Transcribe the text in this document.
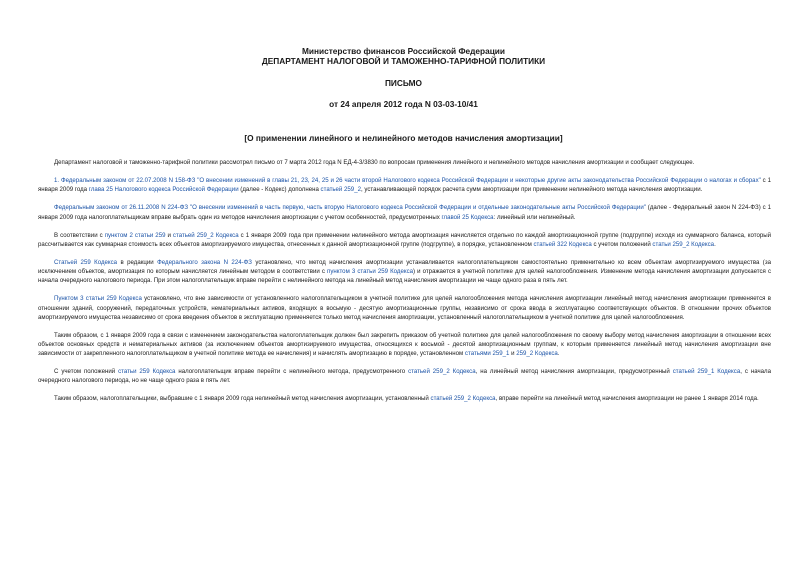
Министерство финансов Российской Федерации
ДЕПАРТАМЕНТ НАЛОГОВОЙ И ТАМОЖЕННО-ТАРИФНОЙ ПОЛИТИКИ
ПИСЬМО
от 24 апреля 2012 года N 03-03-10/41
[О применении линейного и нелинейного методов начисления амортизации]

Департамент налоговой и таможенно-тарифной политики рассмотрел письмо от 7 марта 2012 года N ЕД-4-3/3830 по вопросам применения линейного и нелинейного методов начисления амортизации и сообщает следующее.

1. Федеральным законом от 22.07.2008 N 158-ФЗ "О внесении изменений в главы 21, 23, 24, 25 и 26 части второй Налогового кодекса Российской Федерации и некоторые другие акты законодательства Российской Федерации о налогах и сборах" с 1 января 2009 года глава 25 Налогового кодекса Российской Федерации (далее - Кодекс) дополнена статьей 259_2, устанавливающей порядок расчета сумм амортизации при применении нелинейного метода начисления амортизации.

Федеральным законом от 26.11.2008 N 224-ФЗ "О внесении изменений в часть первую, часть вторую Налогового кодекса Российской Федерации и отдельные законодательные акты Российской Федерации" (далее - Федеральный закон N 224-ФЗ) с 1 января 2009 года налогоплательщикам вправе выбрать один из методов начисления амортизации с учетом особенностей, предусмотренных главой 25 Кодекса: линейный или нелинейный.

В соответствии с пунктом 2 статьи 259 и статьей 259_2 Кодекса с 1 января 2009 года при применении нелинейного метода амортизация начисляется отдельно по каждой амортизационной группе (подгруппе) исходя из суммарного баланса, который рассчитывается как суммарная стоимость всех объектов амортизируемого имущества, отнесенных к данной амортизационной группе (подгруппе), в порядке, установленном статьей 322 Кодекса с учетом положений статьи 259_2 Кодекса.

Статьей 259 Кодекса в редакции Федерального закона N 224-ФЗ установлено, что метод начисления амортизации устанавливается налогоплательщиком самостоятельно применительно ко всем объектам амортизируемого имущества (за исключением объектов, амортизация по которым начисляется линейным методом в соответствии с пунктом 3 статьи 259 Кодекса) и отражается в учетной политике для целей налогообложения. Изменение метода начисления амортизации допускается с начала очередного налогового периода. При этом налогоплательщик вправе перейти с нелинейного метода на линейный метод начисления амортизации не чаще одного раза в пять лет.

Пунктом 3 статьи 259 Кодекса установлено, что вне зависимости от установленного налогоплательщиком в учетной политике для целей налогообложения метода начисления амортизации линейный метод начисления амортизации применяется в отношении зданий, сооружений, передаточных устройств, нематериальных активов, входящих в восьмую - десятую амортизационные группы, независимо от срока ввода в эксплуатацию соответствующих объектов. В отношении прочих объектов амортизируемого имущества независимо от срока введения объектов в эксплуатацию применяется только метод начисления амортизации, установленный налогоплательщиком в учетной политике для целей налогообложения.

Таким образом, с 1 января 2009 года в связи с изменением законодательства налогоплательщик должен был закрепить приказом об учетной политике для целей налогообложения по своему выбору метод начисления амортизации в отношении всех объектов основных средств и нематериальных активов (за исключением объектов амортизируемого имущества, относящихся к восьмой - десятой амортизационным группам, к которым применяется линейный метод начисления амортизации вне зависимости от закрепленного налогоплательщиком в учетной политике метода ее начисления) и начислять амортизацию в порядке, установленном статьями 259_1 и 259_2 Кодекса.

С учетом положений статьи 259 Кодекса налогоплательщик вправе перейти с нелинейного метода, предусмотренного статьей 259_2 Кодекса, на линейный метод начисления амортизации, предусмотренный статьей 259_1 Кодекса, с начала очередного налогового периода, но не чаще одного раза в пять лет.

Таким образом, налогоплательщики, выбравшие с 1 января 2009 года нелинейный метод начисления амортизации, установленный статьей 259_2 Кодекса, вправе перейти на линейный метод начисления амортизации не ранее 1 января 2014 года.
